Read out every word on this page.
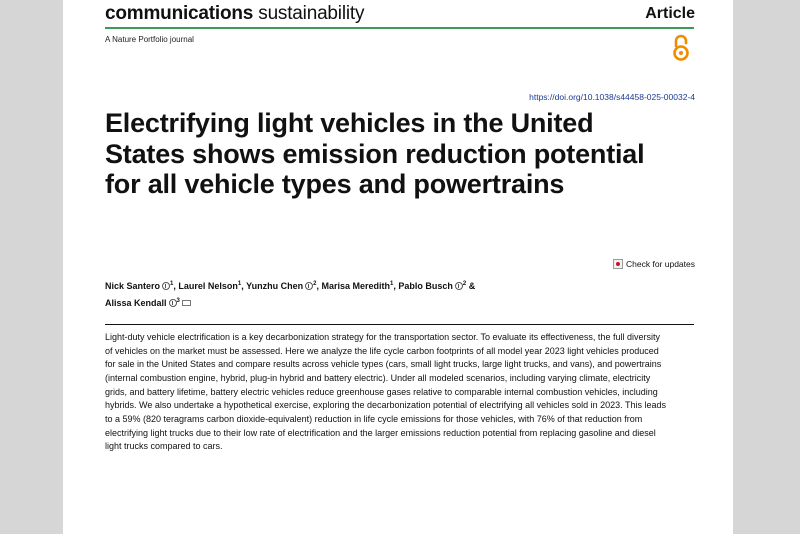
communications sustainability	Article
A Nature Portfolio journal
https://doi.org/10.1038/s44458-025-00032-4
Electrifying light vehicles in the United States shows emission reduction potential for all vehicle types and powertrains
Check for updates
Nick Santero $^1$, Laurel Nelson$^1$, Yunzhu Chen $^2$, Marisa Meredith$^1$, Pablo Busch $^2$ &
Alissa Kendall $^3$

Light-duty vehicle electrification is a key decarbonization strategy for the transportation sector. To evaluate its effectiveness, the full diversity of vehicles on the market must be assessed. Here we analyze the life cycle carbon footprints of all model year 2023 light vehicles produced for sale in the United States and compare results across vehicle types (cars, small light trucks, large light trucks, and vans), and powertrains (internal combustion engine, hybrid, plug-in hybrid and battery electric). Under all modeled scenarios, including varying climate, electricity grids, and battery lifetime, battery electric vehicles reduce greenhouse gases relative to comparable internal combustion vehicles, including hybrids. We also undertake a hypothetical exercise, exploring the decarbonization potential of electrifying all vehicles sold in 2023. This leads to a 59% (820 teragrams carbon dioxide-equivalent) reduction in life cycle emissions for those vehicles, with 76% of that reduction from electrifying light trucks due to their low rate of electrification and the larger emissions reduction potential from replacing gasoline and diesel light trucks compared to cars.
